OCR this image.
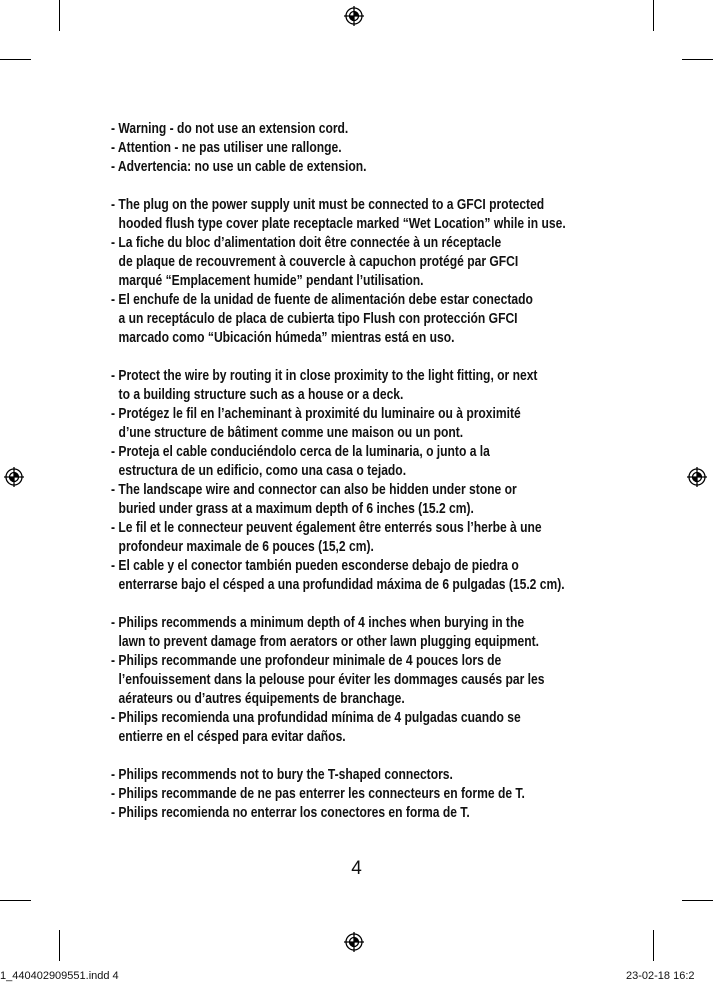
- Warning - do not use an extension cord.
- Attention - ne pas utiliser une rallonge.
- Advertencia: no use un cable de extension.
- The plug on the power supply unit must be connected to a GFCI protected
hooded flush type cover plate receptacle marked “Wet Location” while in use.
- La fiche du bloc d’alimentation doit être connectée à un réceptacle
de plaque de recouvrement à couvercle à capuchon protégé par GFCI
marqué “Emplacement humide” pendant l’utilisation.
- El enchufe de la unidad de fuente de alimentación debe estar conectado
a un receptáculo de placa de cubierta tipo Flush con protección GFCI
marcado como “Ubicación húmeda” mientras está en uso.
- Protect the wire by routing it in close proximity to the light fitting, or next
to a building structure such as a house or a deck.
- Protégez le fil en l’acheminant à proximité du luminaire ou à proximité
d’une structure de bâtiment comme une maison ou un pont.
- Proteja el cable conduciéndolo cerca de la luminaria, o junto a la
estructura de un edificio, como una casa o tejado.
- The landscape wire and connector can also be hidden under stone or
buried under grass at a maximum depth of 6 inches (15.2 cm).
- Le fil et le connecteur peuvent également être enterrés sous l’herbe à une
profondeur maximale de 6 pouces (15,2 cm).
- El cable y el conector también pueden esconderse debajo de piedra o
enterrarse bajo el césped a una profundidad máxima de 6 pulgadas (15.2 cm).
- Philips recommends a minimum depth of 4 inches when burying in the
lawn to prevent damage from aerators or other lawn plugging equipment.
- Philips recommande une profondeur minimale de 4 pouces lors de
l’enfouissement dans la pelouse pour éviter les dommages causés par les
aérateurs ou d’autres équipements de branchage.
- Philips recomienda una profundidad mínima de 4 pulgadas cuando se
entierre en el césped para evitar daños.
- Philips recommends not to bury the T-shaped connectors.
- Philips recommande de ne pas enterrer les connecteurs en forme de T.
- Philips recomienda no enterrar los conectores en forma de T.
4
1_440402909551.indd 4	23-02-18 16:2
